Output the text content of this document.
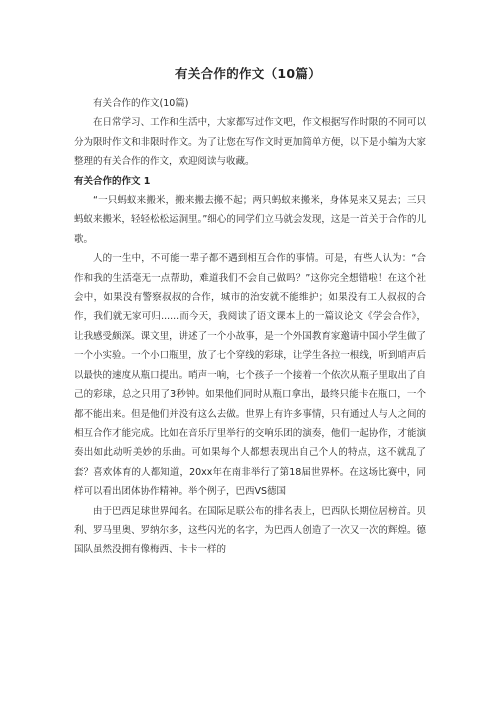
有关合作的作文（10篇）

有关合作的作文(10篇)

在日常学习、工作和生活中，大家都写过作文吧，作文根据写作时限的不同可以分为限时作文和非限时作文。为了让您在写作文时更加简单方便，以下是小编为大家整理的有关合作的作文，欢迎阅读与收藏。

有关合作的作文 1

“一只蚂蚁来搬米，搬来搬去搬不起；两只蚂蚁来搬米，身体晃来又晃去；三只蚂蚁来搬米，轻轻松松运洞里。”细心的同学们立马就会发现，这是一首关于合作的儿歌。

人的一生中，不可能一辈子都不遇到相互合作的事情。可是，有些人认为：“合作和我的生活毫无一点帮助，难道我们不会自己做吗？”这你完全想错啦！在这个社会中，如果没有警察叔叔的合作，城市的治安就不能维护；如果没有工人叔叔的合作，我们就无家可归......而今天，我阅读了语文课本上的一篇议论文《学会合作》，让我感受颇深。课文里，讲述了一个小故事，是一个外国教育家邀请中国小学生做了一个小实验。一个小口瓶里，放了七个穿线的彩球，让学生各拉一根线，听到哨声后以最快的速度从瓶口提出。哨声一响，七个孩子一个接着一个依次从瓶子里取出了自己的彩球，总之只用了3秒钟。如果他们同时从瓶口拿出，最终只能卡在瓶口，一个都不能出来。但是他们并没有这么去做。世界上有许多事情，只有通过人与人之间的相互合作才能完成。比如在音乐厅里举行的交响乐团的演奏，他们一起协作，才能演奏出如此动听美妙的乐曲。可如果每个人都想表现出自己个人的特点，这不就乱了套？喜欢体育的人都知道，20xx年在南非举行了第18届世界杯。在这场比赛中，同样可以看出团体协作精神。举个例子，巴西VS德国

由于巴西足球世界闻名。在国际足联公布的排名表上，巴西队长期位居榜首。贝利、罗马里奥、罗纳尔多，这些闪光的名字，为巴西人创造了一次又一次的辉煌。德国队虽然没拥有像梅西、卡卡一样的
